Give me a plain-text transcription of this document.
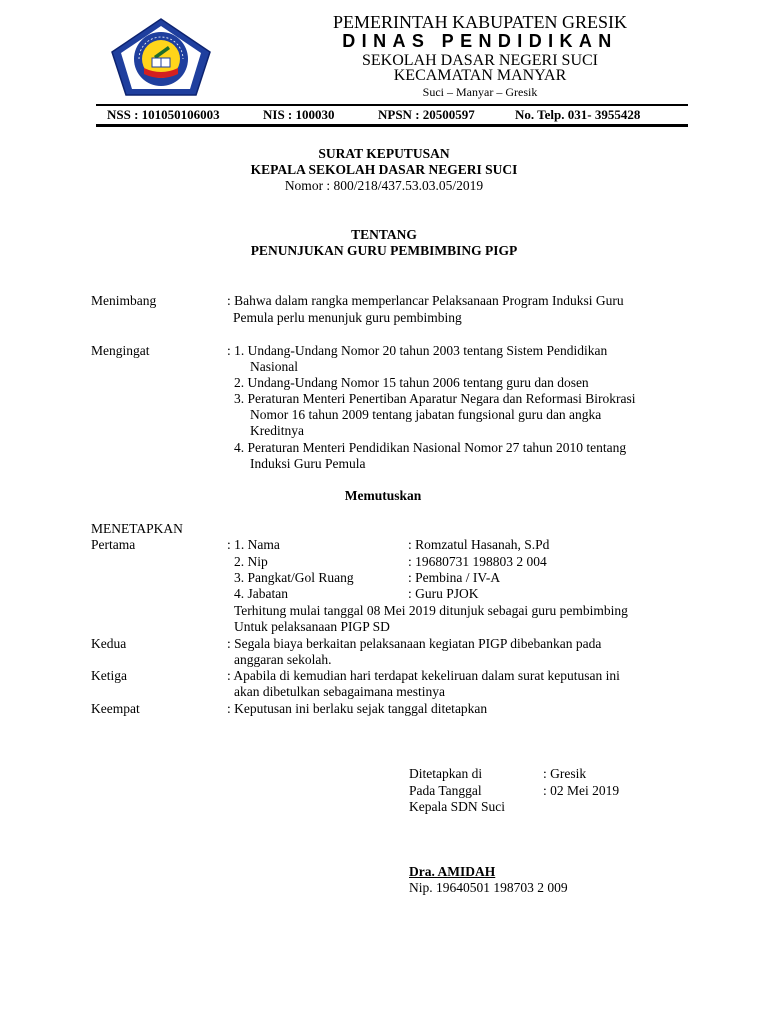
PEMERINTAH KABUPATEN GRESIK
DINAS PENDIDIKAN
SEKOLAH DASAR NEGERI SUCI
KECAMATAN MANYAR
Suci – Manyar – Gresik
NSS : 101050106003	NIS : 100030	NPSN : 20500597	No. Telp. 031- 3955428
SURAT KEPUTUSAN
KEPALA SEKOLAH DASAR NEGERI SUCI
Nomor : 800/218/437.53.03.05/2019
TENTANG
PENUNJUKAN GURU PEMBIMBING PIGP
Menimbang	: Bahwa dalam rangka memperlancar Pelaksanaan Program Induksi Guru
Pemula perlu menunjuk guru pembimbing
Mengingat	: 1. Undang-Undang Nomor 20 tahun 2003 tentang Sistem Pendidikan
Nasional
2. Undang-Undang Nomor 15 tahun 2006 tentang guru dan dosen
3. Peraturan Menteri Penertiban Aparatur Negara dan Reformasi Birokrasi
Nomor 16 tahun 2009 tentang jabatan fungsional guru dan angka
Kreditnya
4. Peraturan Menteri Pendidikan Nasional Nomor 27 tahun 2010 tentang
Induksi Guru Pemula
Memutuskan
MENETAPKAN
Pertama	: 1. Nama	: Romzatul Hasanah, S.Pd
2. Nip	: 19680731 198803 2 004
3. Pangkat/Gol Ruang	: Pembina / IV-A
4. Jabatan	: Guru PJOK
Terhitung mulai tanggal 08 Mei 2019 ditunjuk sebagai guru pembimbing
Untuk pelaksanaan PIGP SD
Kedua	: Segala biaya berkaitan pelaksanaan kegiatan PIGP dibebankan pada
anggaran sekolah.
Ketiga	: Apabila di kemudian hari terdapat kekeliruan dalam surat keputusan ini
akan dibetulkan sebagaimana mestinya
Keempat	: Keputusan ini berlaku sejak tanggal ditetapkan
Ditetapkan di	: Gresik
Pada Tanggal	: 02 Mei 2019
Kepala SDN Suci
Dra. AMIDAH
Nip. 19640501 198703 2 009
